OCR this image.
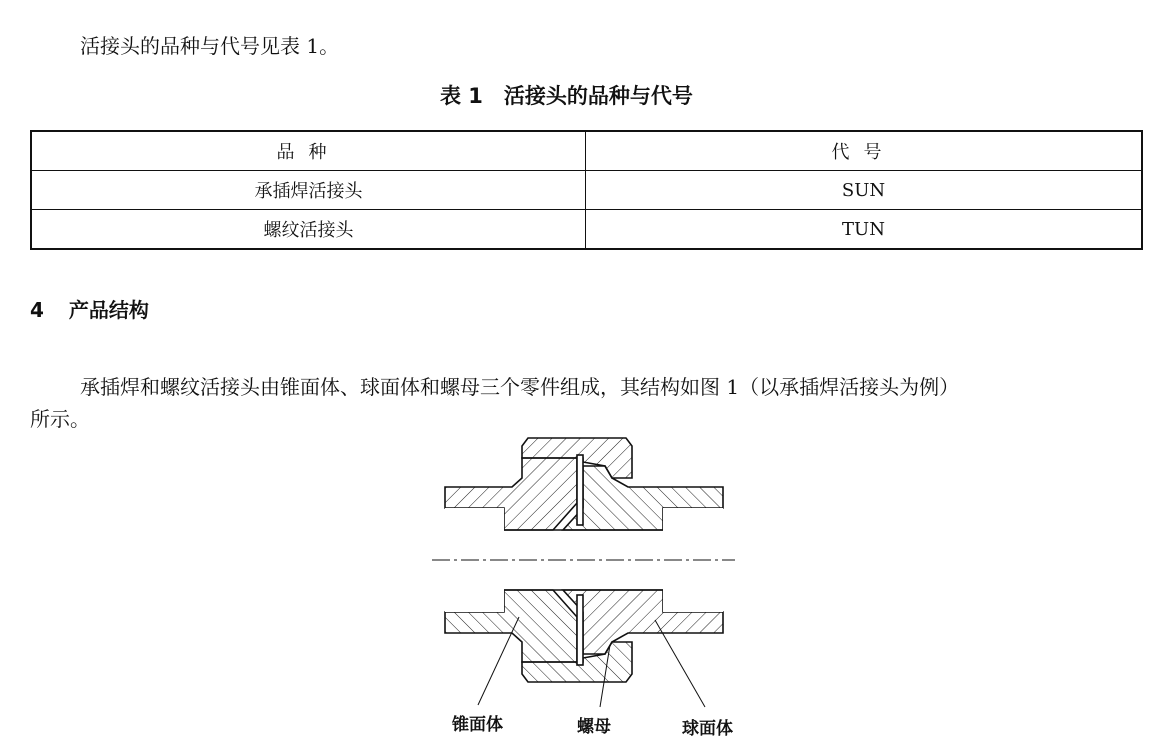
活接头的品种与代号见表 1。
表 1　活接头的品种与代号
品种	代号
承插焊活接头	SUN
螺纹活接头	TUN
4 产品结构
承插焊和螺纹活接头由锥面体、球面体和螺母三个零件组成，其结构如图 1（以承插焊活接头为例）
所示。
锥面体	螺母	球面体
